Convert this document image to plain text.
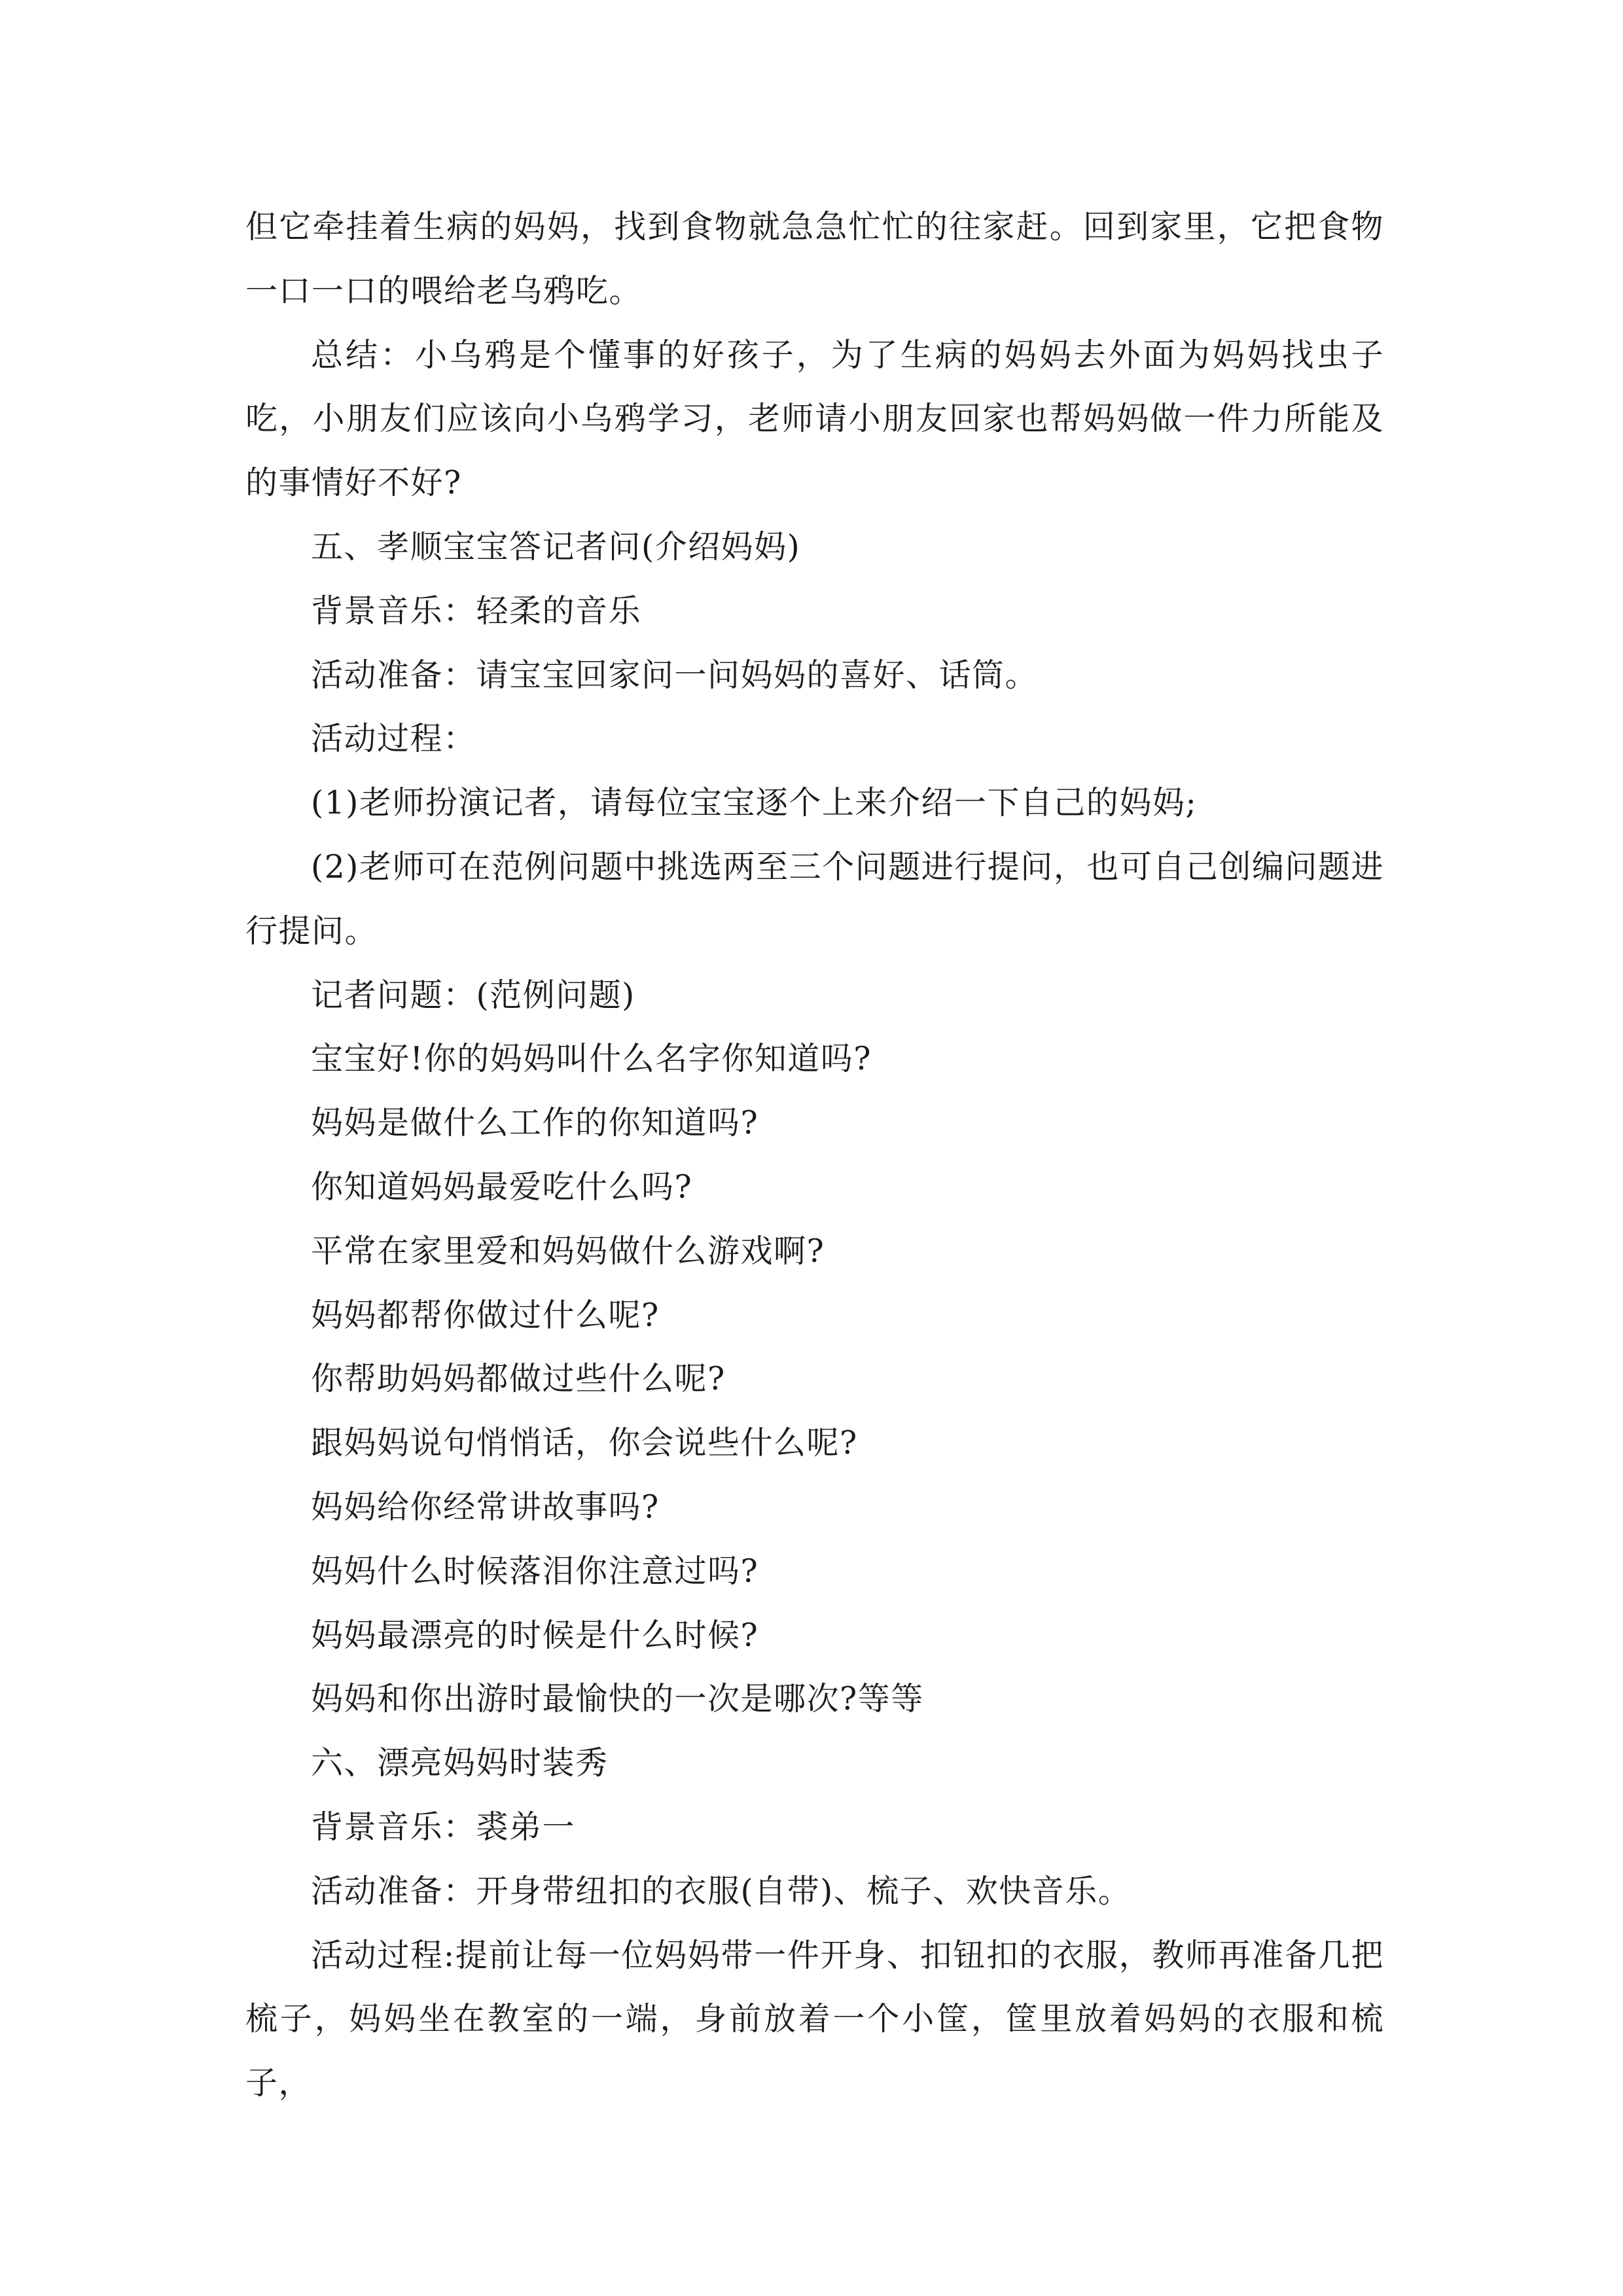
但它牵挂着生病的妈妈，找到食物就急急忙忙的往家赶。回到家里，它把食物一口一口的喂给老乌鸦吃。

总结：小乌鸦是个懂事的好孩子，为了生病的妈妈去外面为妈妈找虫子吃，小朋友们应该向小乌鸦学习，老师请小朋友回家也帮妈妈做一件力所能及的事情好不好?

五、孝顺宝宝答记者问(介绍妈妈)

背景音乐：轻柔的音乐

活动准备：请宝宝回家问一问妈妈的喜好、话筒。

活动过程：

(1)老师扮演记者，请每位宝宝逐个上来介绍一下自己的妈妈;

(2)老师可在范例问题中挑选两至三个问题进行提问，也可自己创编问题进行提问。

记者问题：(范例问题)

宝宝好!你的妈妈叫什么名字你知道吗?

妈妈是做什么工作的你知道吗?

你知道妈妈最爱吃什么吗?

平常在家里爱和妈妈做什么游戏啊?

妈妈都帮你做过什么呢?

你帮助妈妈都做过些什么呢?

跟妈妈说句悄悄话，你会说些什么呢?

妈妈给你经常讲故事吗?

妈妈什么时候落泪你注意过吗?

妈妈最漂亮的时候是什么时候?

妈妈和你出游时最愉快的一次是哪次?等等

六、漂亮妈妈时装秀

背景音乐：裘弟一

活动准备：开身带纽扣的衣服(自带)、梳子、欢快音乐。

活动过程:提前让每一位妈妈带一件开身、扣钮扣的衣服，教师再准备几把梳子，妈妈坐在教室的一端，身前放着一个小筐，筐里放着妈妈的衣服和梳子，
